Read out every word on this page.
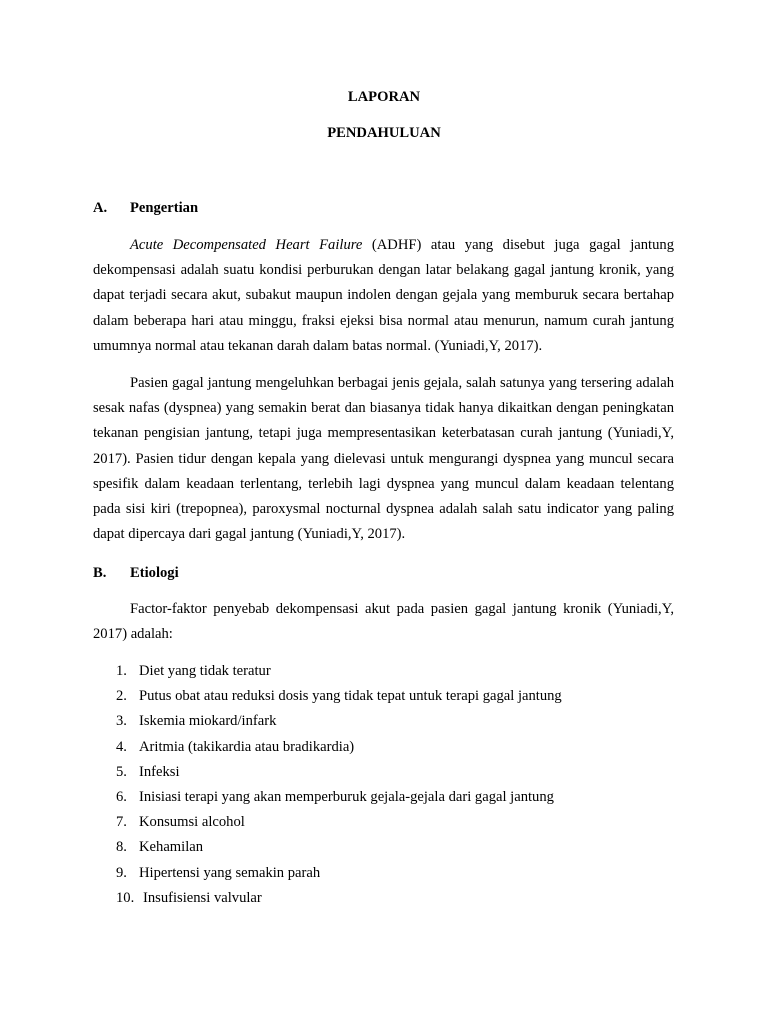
LAPORAN
PENDAHULUAN
A. Pengertian

Acute Decompensated Heart Failure (ADHF) atau yang disebut juga gagal jantung dekompensasi adalah suatu kondisi perburukan dengan latar belakang gagal jantung kronik, yang dapat terjadi secara akut, subakut maupun indolen dengan gejala yang memburuk secara bertahap dalam beberapa hari atau minggu, fraksi ejeksi bisa normal atau menurun, namum curah jantung umumnya normal atau tekanan darah dalam batas normal. (Yuniadi,Y, 2017).

Pasien gagal jantung mengeluhkan berbagai jenis gejala, salah satunya yang tersering adalah sesak nafas (dyspnea) yang semakin berat dan biasanya tidak hanya dikaitkan dengan peningkatan tekanan pengisian jantung, tetapi juga mempresentasikan keterbatasan curah jantung (Yuniadi,Y, 2017). Pasien tidur dengan kepala yang dielevasi untuk mengurangi dyspnea yang muncul secara spesifik dalam keadaan terlentang, terlebih lagi dyspnea yang muncul dalam keadaan telentang pada sisi kiri (trepopnea), paroxysmal nocturnal dyspnea adalah salah satu indicator yang paling dapat dipercaya dari gagal jantung (Yuniadi,Y, 2017).

B. Etiologi

Factor-faktor penyebab dekompensasi akut pada pasien gagal jantung kronik (Yuniadi,Y, 2017) adalah:

1. Diet yang tidak teratur
2. Putus obat atau reduksi dosis yang tidak tepat untuk terapi gagal jantung
3. Iskemia miokard/infark
4. Aritmia (takikardia atau bradikardia)
5. Infeksi
6. Inisiasi terapi yang akan memperburuk gejala-gejala dari gagal jantung
7. Konsumsi alcohol
8. Kehamilan
9. Hipertensi yang semakin parah
10. Insufisiensi valvular
